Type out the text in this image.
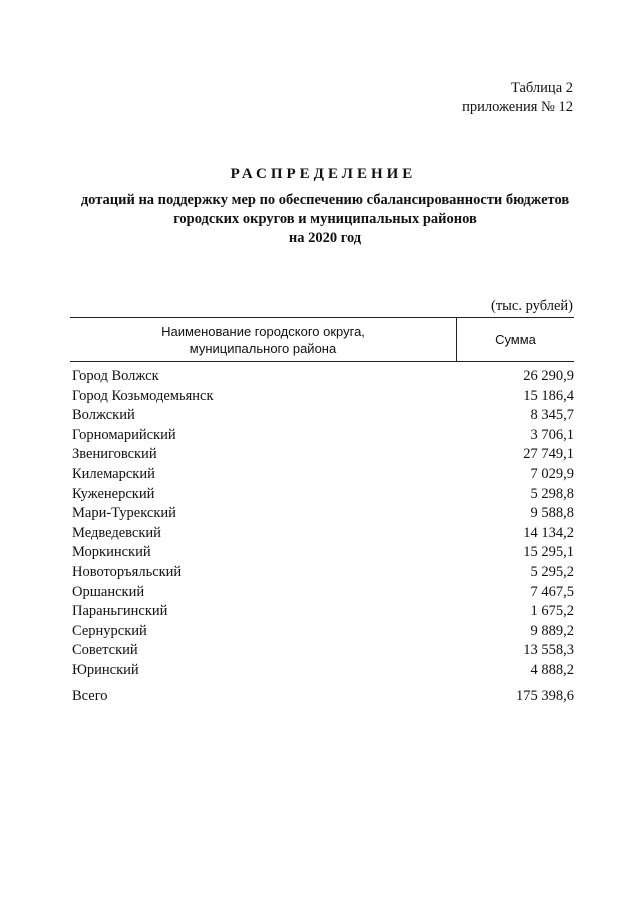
Таблица 2
приложения № 12
РАСПРЕДЕЛЕНИЕ
дотаций на поддержку мер по обеспечению сбалансированности бюджетов
городских округов и муниципальных районов
на 2020 год
(тыс. рублей)
Наименование городского округа,
муниципального района
Сумма
Город Волжск	26 290,9
Город Козьмодемьянск	15 186,4
Волжский	8 345,7
Горномарийский	3 706,1
Звениговский	27 749,1
Килемарский	7 029,9
Куженерский	5 298,8
Мари-Турекский	9 588,8
Медведевский	14 134,2
Моркинский	15 295,1
Новоторъяльский	5 295,2
Оршанский	7 467,5
Параньгинский	1 675,2
Сернурский	9 889,2
Советский	13 558,3
Юринский	4 888,2
Всего	175 398,6
